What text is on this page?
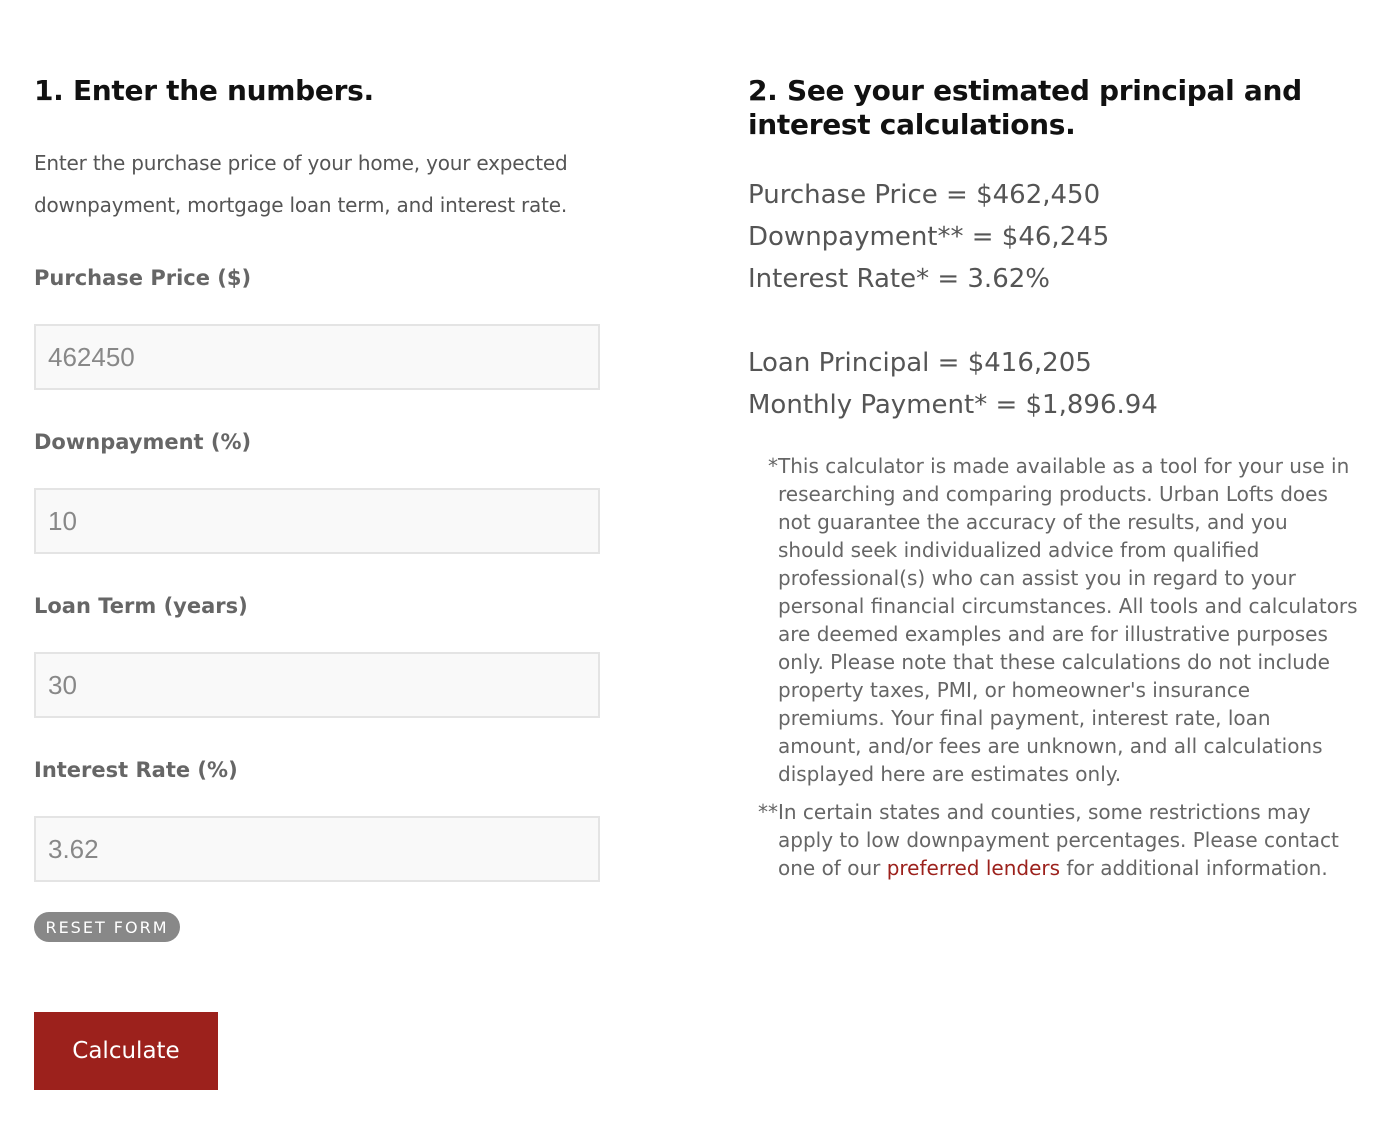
1. Enter the numbers.
Enter the purchase price of your home, your expected downpayment, mortgage loan term, and interest rate.
Purchase Price ($)
462450
Downpayment (%)
10
Loan Term (years)
30
Interest Rate (%)
3.62
RESET FORM
Calculate
2. See your estimated principal and interest calculations.
Purchase Price = $462,450
Downpayment** = $46,245
Interest Rate* = 3.62%
Loan Principal = $416,205
Monthly Payment* = $1,896.94
* This calculator is made available as a tool for your use in researching and comparing products. Urban Lofts does not guarantee the accuracy of the results, and you should seek individualized advice from qualified professional(s) who can assist you in regard to your personal financial circumstances. All tools and calculators are deemed examples and are for illustrative purposes only. Please note that these calculations do not include property taxes, PMI, or homeowner's insurance premiums. Your final payment, interest rate, loan amount, and/or fees are unknown, and all calculations displayed here are estimates only.
** In certain states and counties, some restrictions may apply to low downpayment percentages. Please contact one of our preferred lenders for additional information.
